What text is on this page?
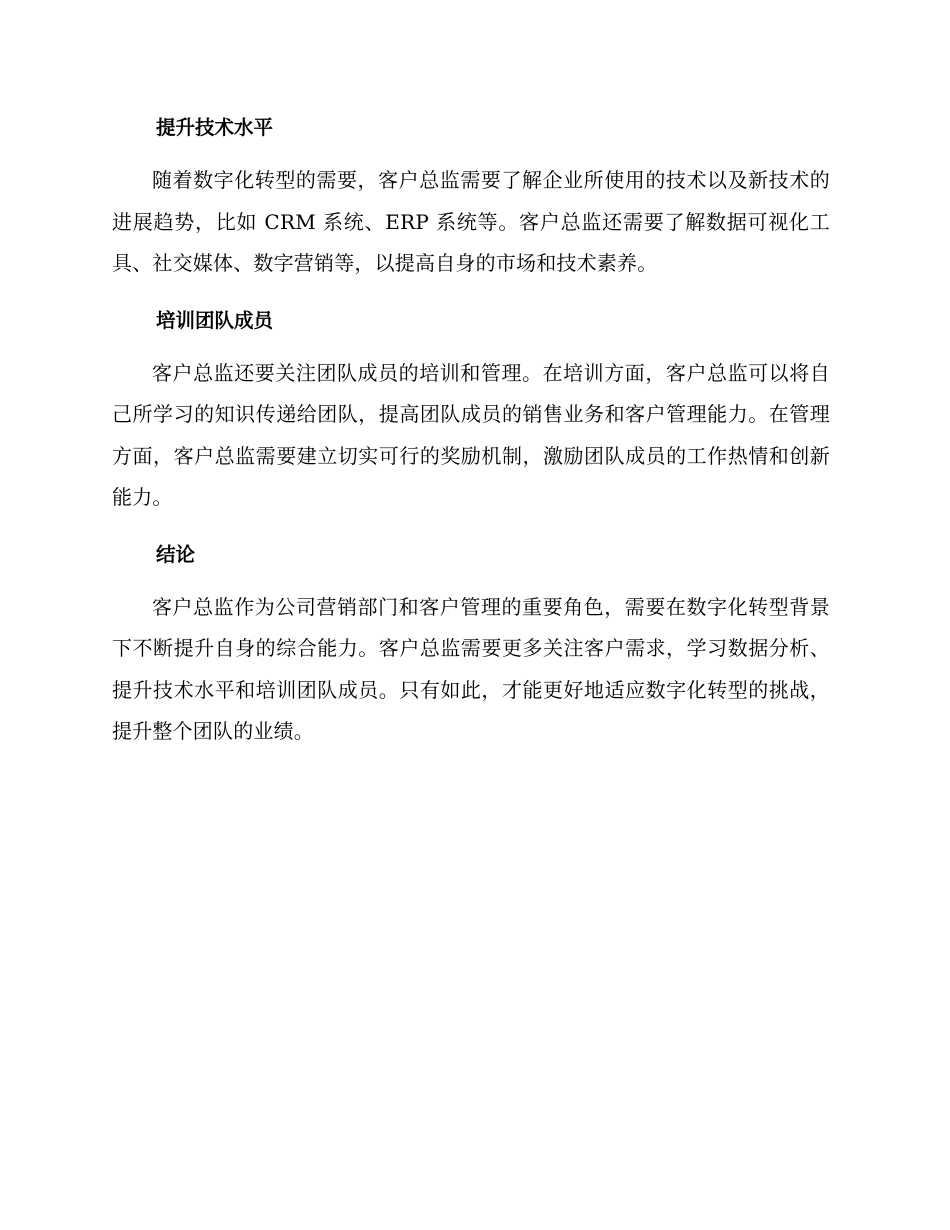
提升技术水平

随着数字化转型的需要，客户总监需要了解企业所使用的技术以及新技术的进展趋势，比如 CRM 系统、ERP 系统等。客户总监还需要了解数据可视化工具、社交媒体、数字营销等，以提高自身的市场和技术素养。

培训团队成员

客户总监还要关注团队成员的培训和管理。在培训方面，客户总监可以将自己所学习的知识传递给团队，提高团队成员的销售业务和客户管理能力。在管理方面，客户总监需要建立切实可行的奖励机制，激励团队成员的工作热情和创新能力。

结论

客户总监作为公司营销部门和客户管理的重要角色，需要在数字化转型背景下不断提升自身的综合能力。客户总监需要更多关注客户需求，学习数据分析、提升技术水平和培训团队成员。只有如此，才能更好地适应数字化转型的挑战，提升整个团队的业绩。
